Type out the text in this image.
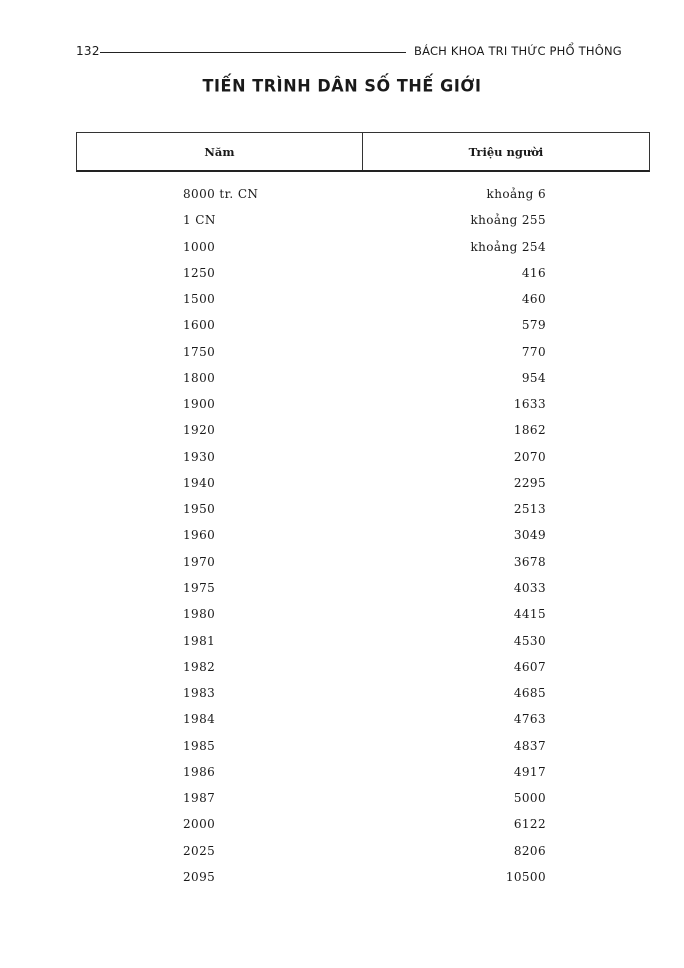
132	BÁCH KHOA TRI THỨC PHỔ THÔNG
TIẾN TRÌNH DÂN SỐ THẾ GIỚI
Năm	Triệu người
8000 tr. CN	khoảng 6
1 CN	khoảng 255
1000	khoảng 254
1250	416
1500	460
1600	579
1750	770
1800	954
1900	1633
1920	1862
1930	2070
1940	2295
1950	2513
1960	3049
1970	3678
1975	4033
1980	4415
1981	4530
1982	4607
1983	4685
1984	4763
1985	4837
1986	4917
1987	5000
2000	6122
2025	8206
2095	10500
